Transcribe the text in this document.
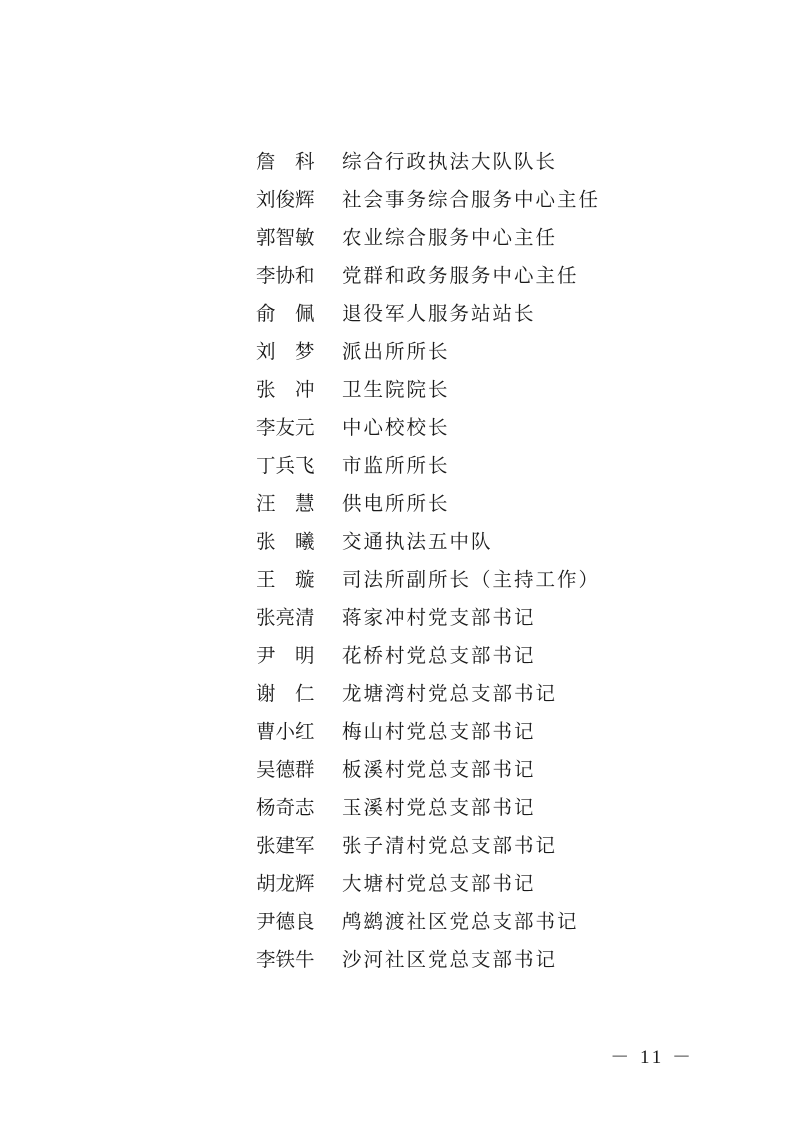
詹　科	综合行政执法大队队长
刘俊辉	社会事务综合服务中心主任
郭智敏	农业综合服务中心主任
李协和	党群和政务服务中心主任
俞　佩	退役军人服务站站长
刘　梦	派出所所长
张　冲	卫生院院长
李友元	中心校校长
丁兵飞	市监所所长
汪　慧	供电所所长
张　曦	交通执法五中队
王　璇	司法所副所长（主持工作）
张亮清	蒋家冲村党支部书记
尹　明	花桥村党总支部书记
谢　仁	龙塘湾村党总支部书记
曹小红	梅山村党总支部书记
吴德群	板溪村党总支部书记
杨奇志	玉溪村党总支部书记
张建军	张子清村党总支部书记
胡龙辉	大塘村党总支部书记
尹德良	鸬鹚渡社区党总支部书记
李铁牛	沙河社区党总支部书记
－ 11 －
